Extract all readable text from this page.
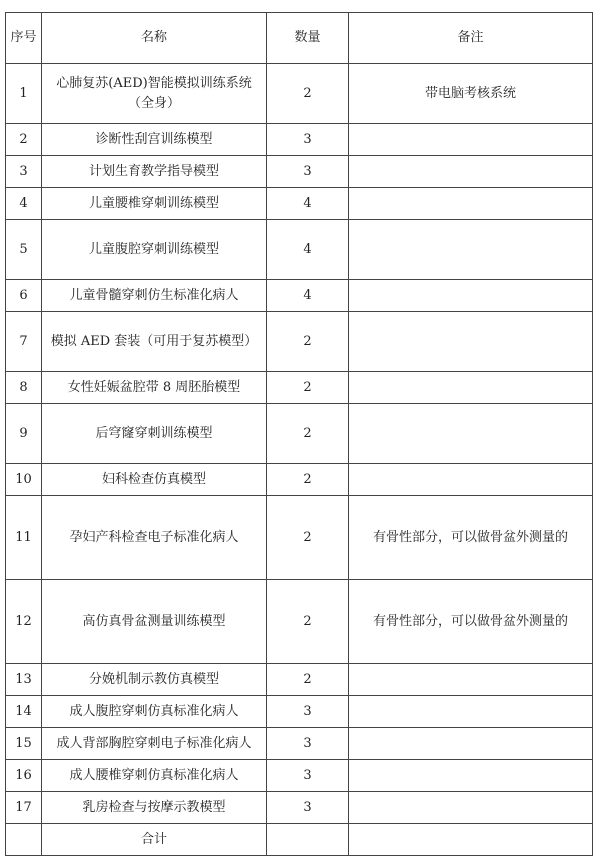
序号	名称	数量	备注
1	心肺复苏(AED)智能模拟训练系统（全身）	2	带电脑考核系统
2	诊断性刮宫训练模型	3	
3	计划生育教学指导模型	3	
4	儿童腰椎穿刺训练模型	4	
5	儿童腹腔穿刺训练模型	4	
6	儿童骨髓穿刺仿生标准化病人	4	
7	模拟 AED 套装（可用于复苏模型）	2	
8	女性妊娠盆腔带 8 周胚胎模型	2	
9	后穹窿穿刺训练模型	2	
10	妇科检查仿真模型	2	
11	孕妇产科检查电子标准化病人	2	有骨性部分，可以做骨盆外测量的
12	高仿真骨盆测量训练模型	2	有骨性部分，可以做骨盆外测量的
13	分娩机制示教仿真模型	2	
14	成人腹腔穿刺仿真标准化病人	3	
15	成人背部胸腔穿刺电子标准化病人	3	
16	成人腰椎穿刺仿真标准化病人	3	
17	乳房检查与按摩示教模型	3	
	合计		
